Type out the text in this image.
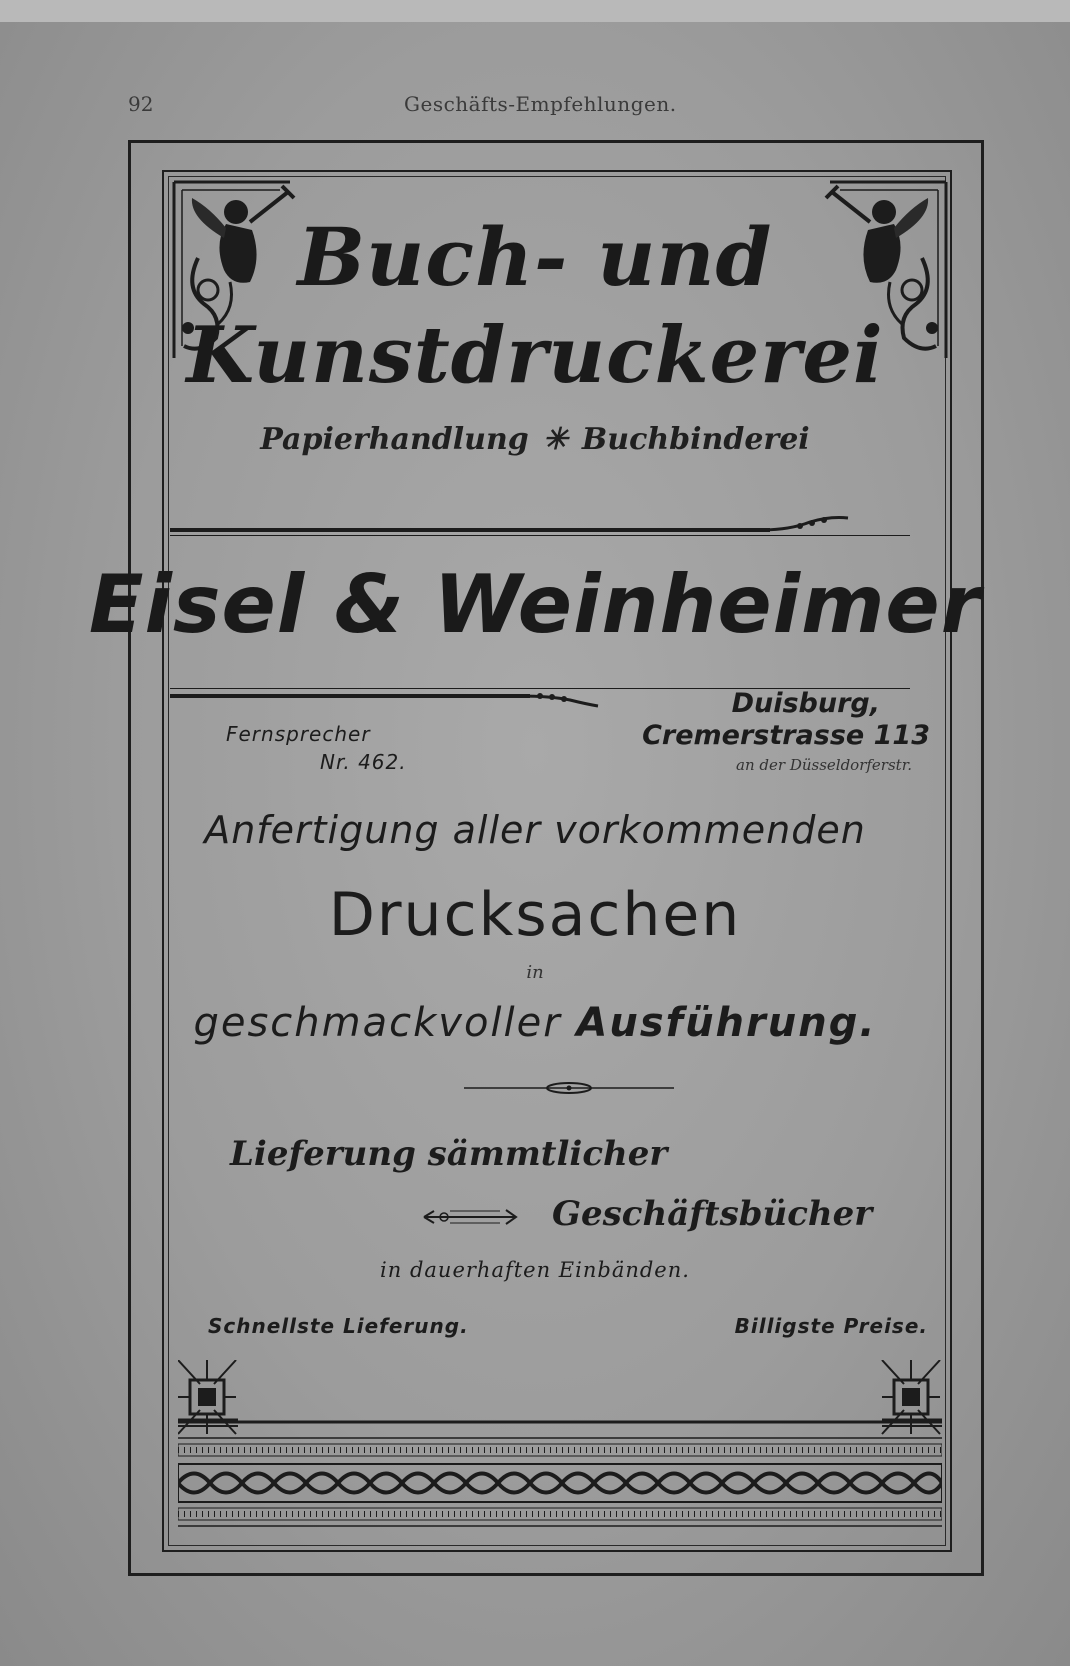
92	Geschäfts-Empfehlungen.
Buch- und
Kunstdruckerei
Papierhandlung ✳ Buchbinderei
Eisel & Weinheimer
Fernsprecher
Nr. 462.
Duisburg,
Cremerstrasse 113
an der Düsseldorferstr.
Anfertigung aller vorkommenden
Drucksachen
in
geschmackvoller Ausführung.
Lieferung sämmtlicher
Geschäftsbücher
in dauerhaften Einbänden.
Schnellste Lieferung.	Billigste Preise.
